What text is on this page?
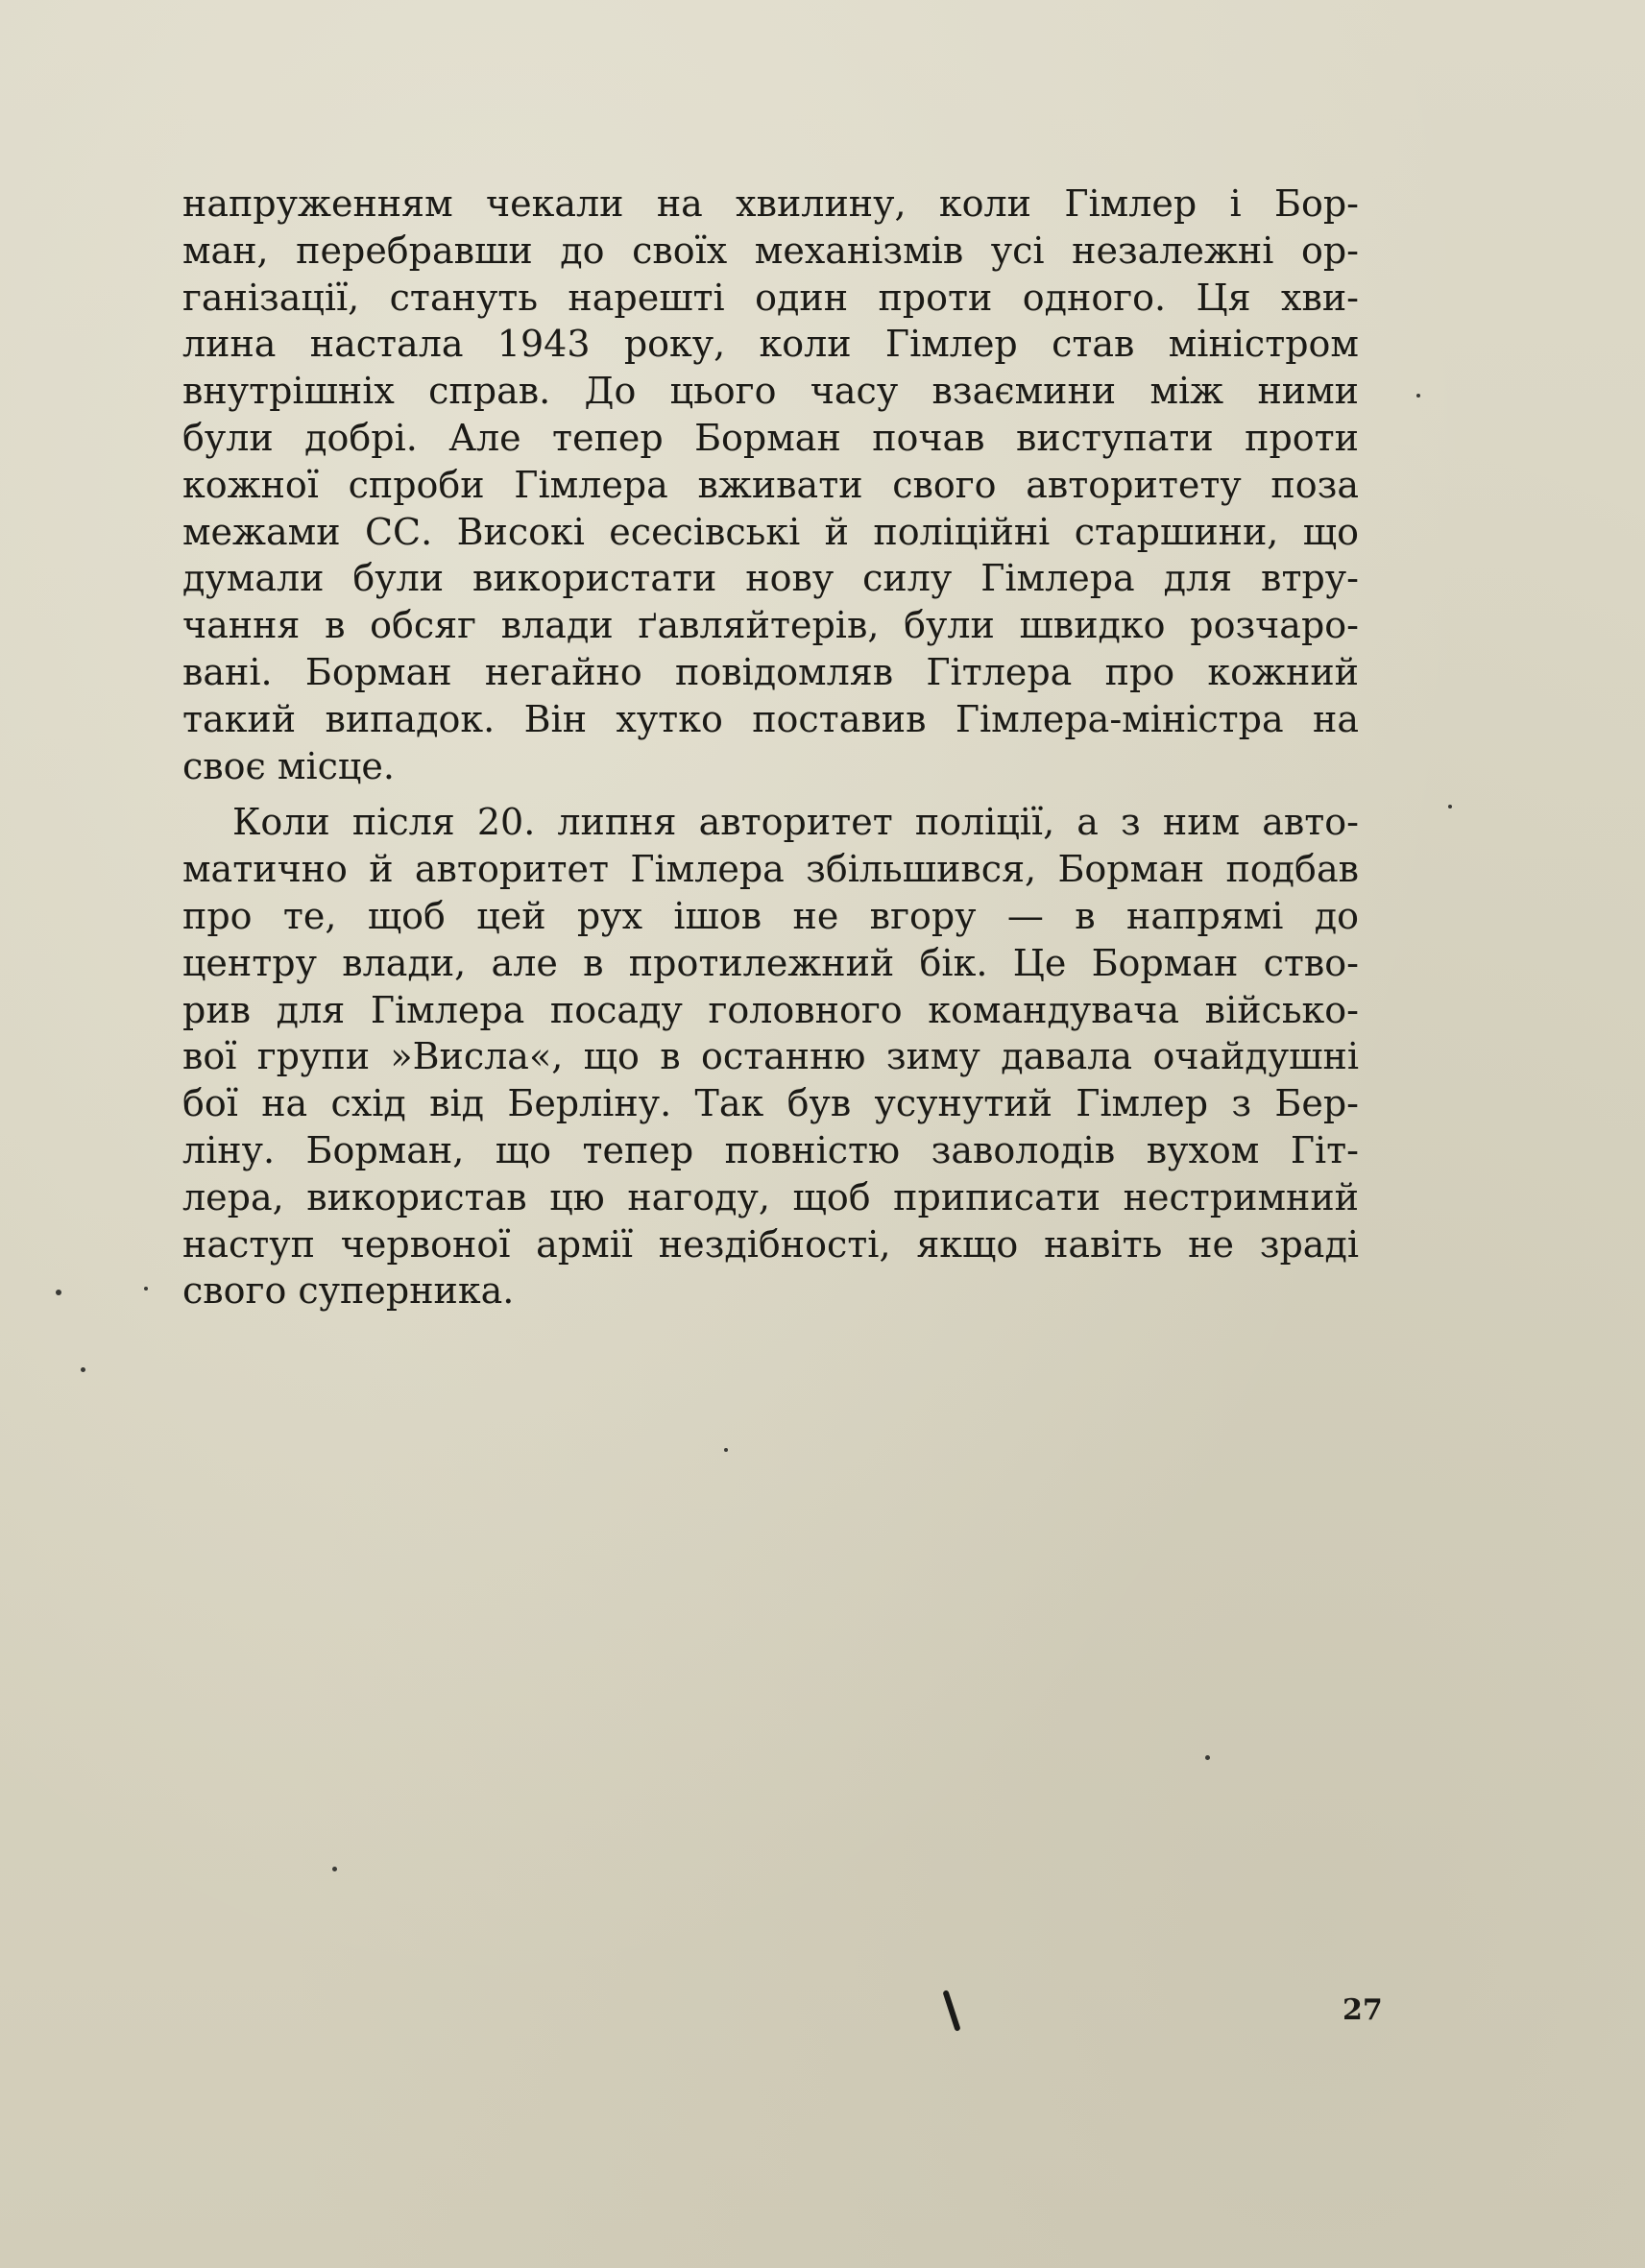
напруженням чекали на хвилину, коли Гімлер і Бор-
ман, перебравши до своїх механізмів усі незалежні ор-
ганізації, стануть нарешті один проти одного. Ця хви-
лина настала 1943 року, коли Гімлер став міністром
внутрішніх справ. До цього часу взаємини між ними
були добрі. Але тепер Борман почав виступати проти
кожної спроби Гімлера вживати свого авторитету поза
межами СС. Високі есесівські й поліційні старшини, що
думали були використати нову силу Гімлера для втру-
чання в обсяг влади ґавляйтерів, були швидко розчаро-
вані. Борман негайно повідомляв Гітлера про кожний
такий випадок. Він хутко поставив Гімлера-міністра на
своє місце.
Коли після 20. липня авторитет поліції, а з ним авто-
матично й авторитет Гімлера збільшився, Борман подбав
про те, щоб цей рух ішов не вгору — в напрямі до
центру влади, але в протилежний бік. Це Борман ство-
рив для Гімлера посаду головного командувача військо-
вої групи »Висла«, що в останню зиму давала очайдушні
бої на схід від Берліну. Так був усунутий Гімлер з Бер-
ліну. Борман, що тепер повністю заволодів вухом Гіт-
лера, використав цю нагоду, щоб приписати нестримний
наступ червоної армії нездібності, якщо навіть не зраді
свого суперника.
27
